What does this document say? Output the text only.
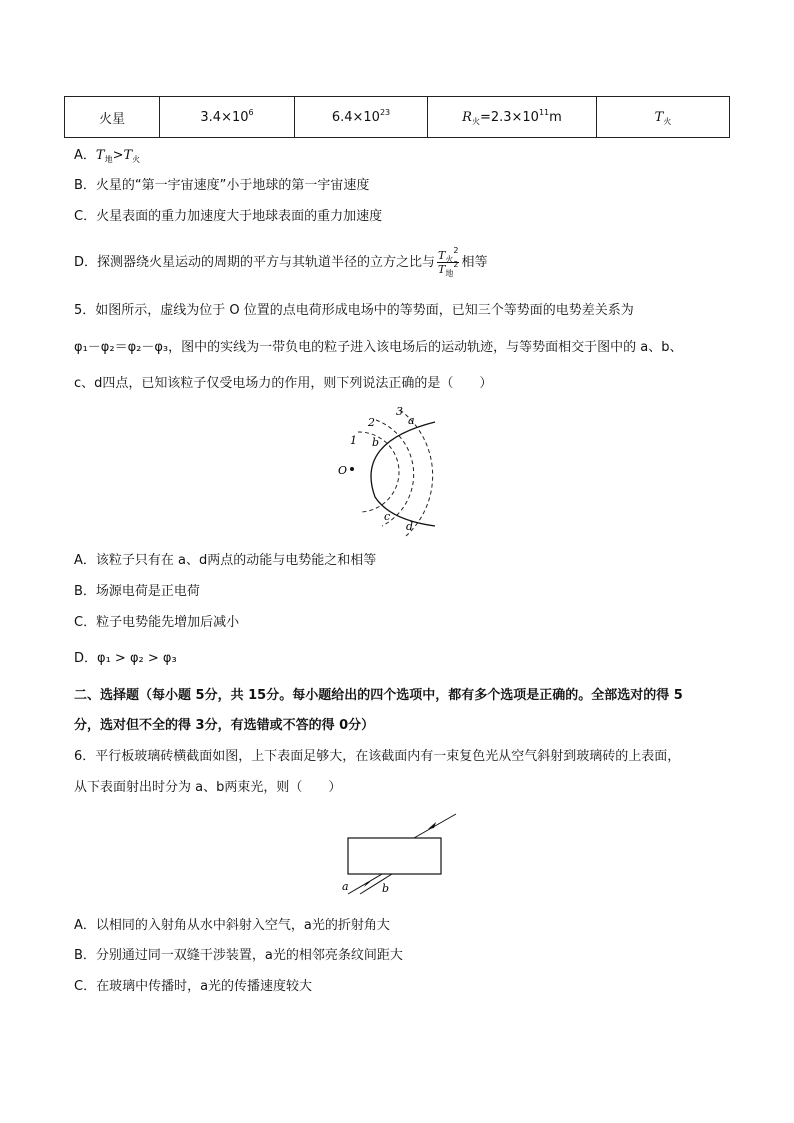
火星	$3.4\times 10^6$	$6.4\times 10^{23}$	$R_火=2.3\times 10^{11}m$	$T_火$
A．$T_地>T_火$
B．火星的“第一宇宙速度”小于地球的第一宇宙速度
C．火星表面的重力加速度大于地球表面的重力加速度
D．探测器绕火星运动的周期的平方与其轨道半径的立方之比与 $\frac{T_火^2}{T_地^2}$ 相等
5．如图所示，虚线为位于 O 位置的点电荷形成电场中的等势面，已知三个等势面的电势差关系为
φ₁－φ₂＝φ₂－φ₃，图中的实线为一带负电的粒子进入该电场后的运动轨迹，与等势面相交于图中的 a、b、
c、d四点，已知该粒子仅受电场力的作用，则下列说法正确的是（　　）
O
1
2
3
a
b
c
d
A．该粒子只有在 a、d两点的动能与电势能之和相等
B．场源电荷是正电荷
C．粒子电势能先增加后减小
D．φ₁ > φ₂ > φ₃
二、选择题（每小题 5分，共 15分。每小题给出的四个选项中，都有多个选项是正确的。全部选对的得 5
分，选对但不全的得 3分，有选错或不答的得 0分）
6．平行板玻璃砖横截面如图，上下表面足够大，在该截面内有一束复色光从空气斜射到玻璃砖的上表面，
从下表面射出时分为 a、b两束光，则（　　）
a	b
A．以相同的入射角从水中斜射入空气，a光的折射角大
B．分别通过同一双缝干涉装置，a光的相邻亮条纹间距大
C．在玻璃中传播时，a光的传播速度较大
